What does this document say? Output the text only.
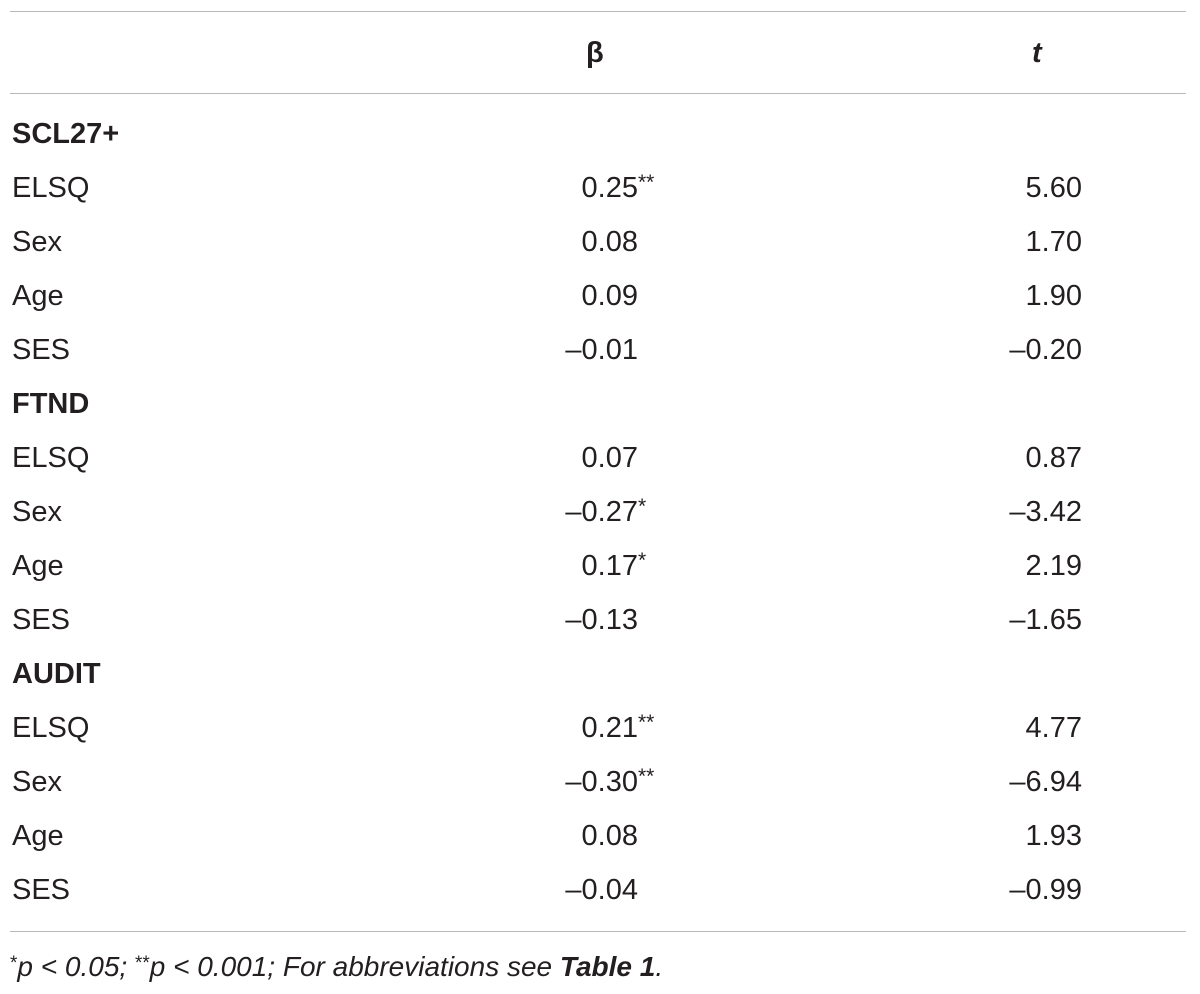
β	t
SCL27+
ELSQ	0.25 **	5.60
Sex	0.08	1.70
Age	0.09	1.90
SES	–0.01	–0.20
FTND
ELSQ	0.07	0.87
Sex	–0.27 *	–3.42
Age	0.17 *	2.19
SES	–0.13	–1.65
AUDIT
ELSQ	0.21 **	4.77
Sex	–0.30 **	–6.94
Age	0.08	1.93
SES	–0.04	–0.99
*p < 0.05; **p < 0.001; For abbreviations see Table 1.
